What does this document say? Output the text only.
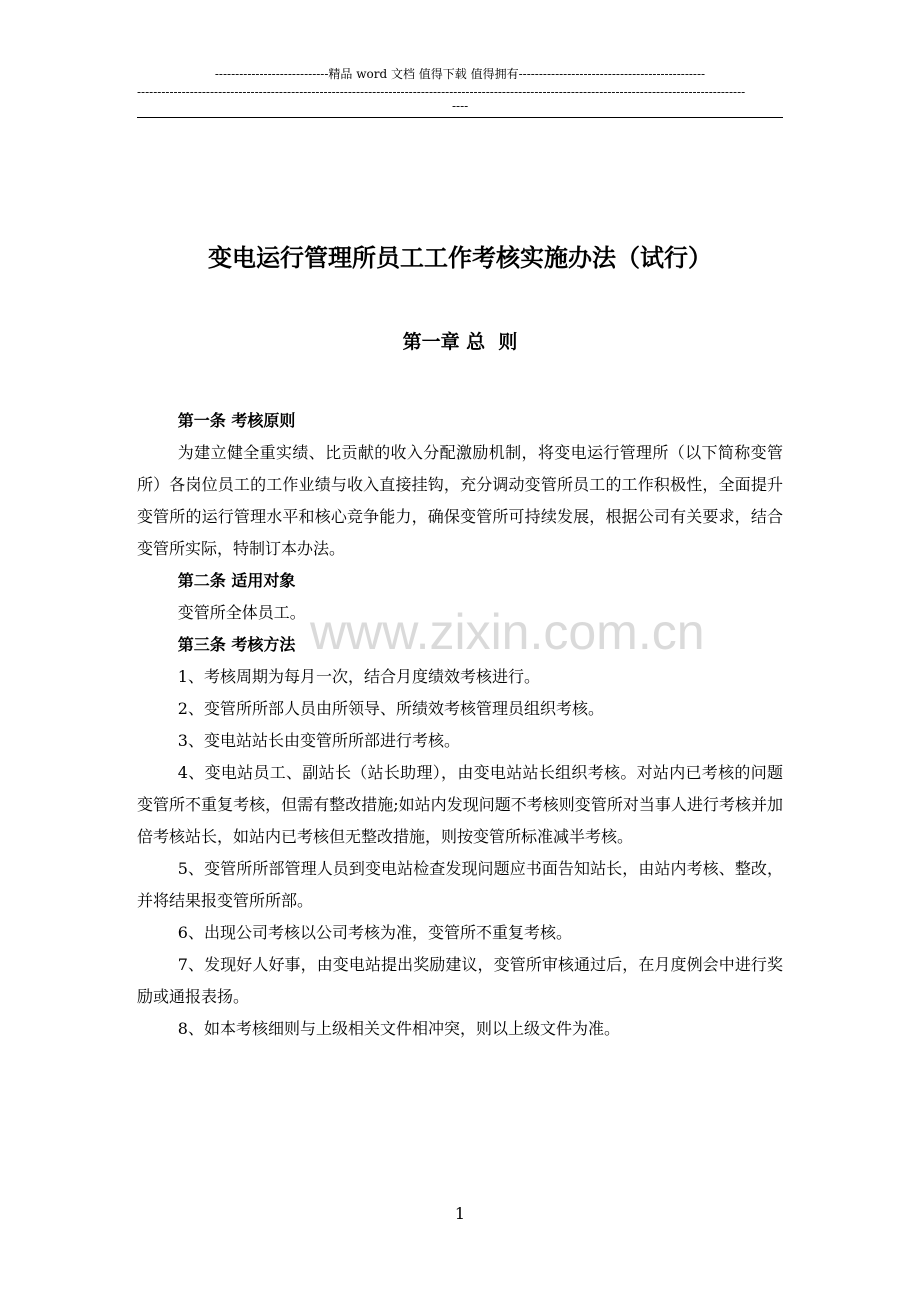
----------------------------精品 word 文档 值得下载 值得拥有----------------------------------------------
------------------------------------------------------------------------------------------------------------------------------------------------------
----
变电运行管理所员工工作考核实施办法（试行）
第一章 总  则

第一条 考核原则

为建立健全重实绩、比贡献的收入分配激励机制，将变电运行管理所（以下简称变管所）各岗位员工的工作业绩与收入直接挂钩，充分调动变管所员工的工作积极性，全面提升变管所的运行管理水平和核心竞争能力，确保变管所可持续发展，根据公司有关要求，结合变管所实际，特制订本办法。

第二条 适用对象

变管所全体员工。

第三条 考核方法

1、考核周期为每月一次，结合月度绩效考核进行。

2、变管所所部人员由所领导、所绩效考核管理员组织考核。

3、变电站站长由变管所所部进行考核。

4、变电站员工、副站长（站长助理），由变电站站长组织考核。对站内已考核的问题变管所不重复考核，但需有整改措施;如站内发现问题不考核则变管所对当事人进行考核并加倍考核站长，如站内已考核但无整改措施，则按变管所标准减半考核。

5、变管所所部管理人员到变电站检查发现问题应书面告知站长，由站内考核、整改，并将结果报变管所所部。

6、出现公司考核以公司考核为准，变管所不重复考核。

7、发现好人好事，由变电站提出奖励建议，变管所审核通过后，在月度例会中进行奖励或通报表扬。

8、如本考核细则与上级相关文件相冲突，则以上级文件为准。

www.zixin.com.cn
1
